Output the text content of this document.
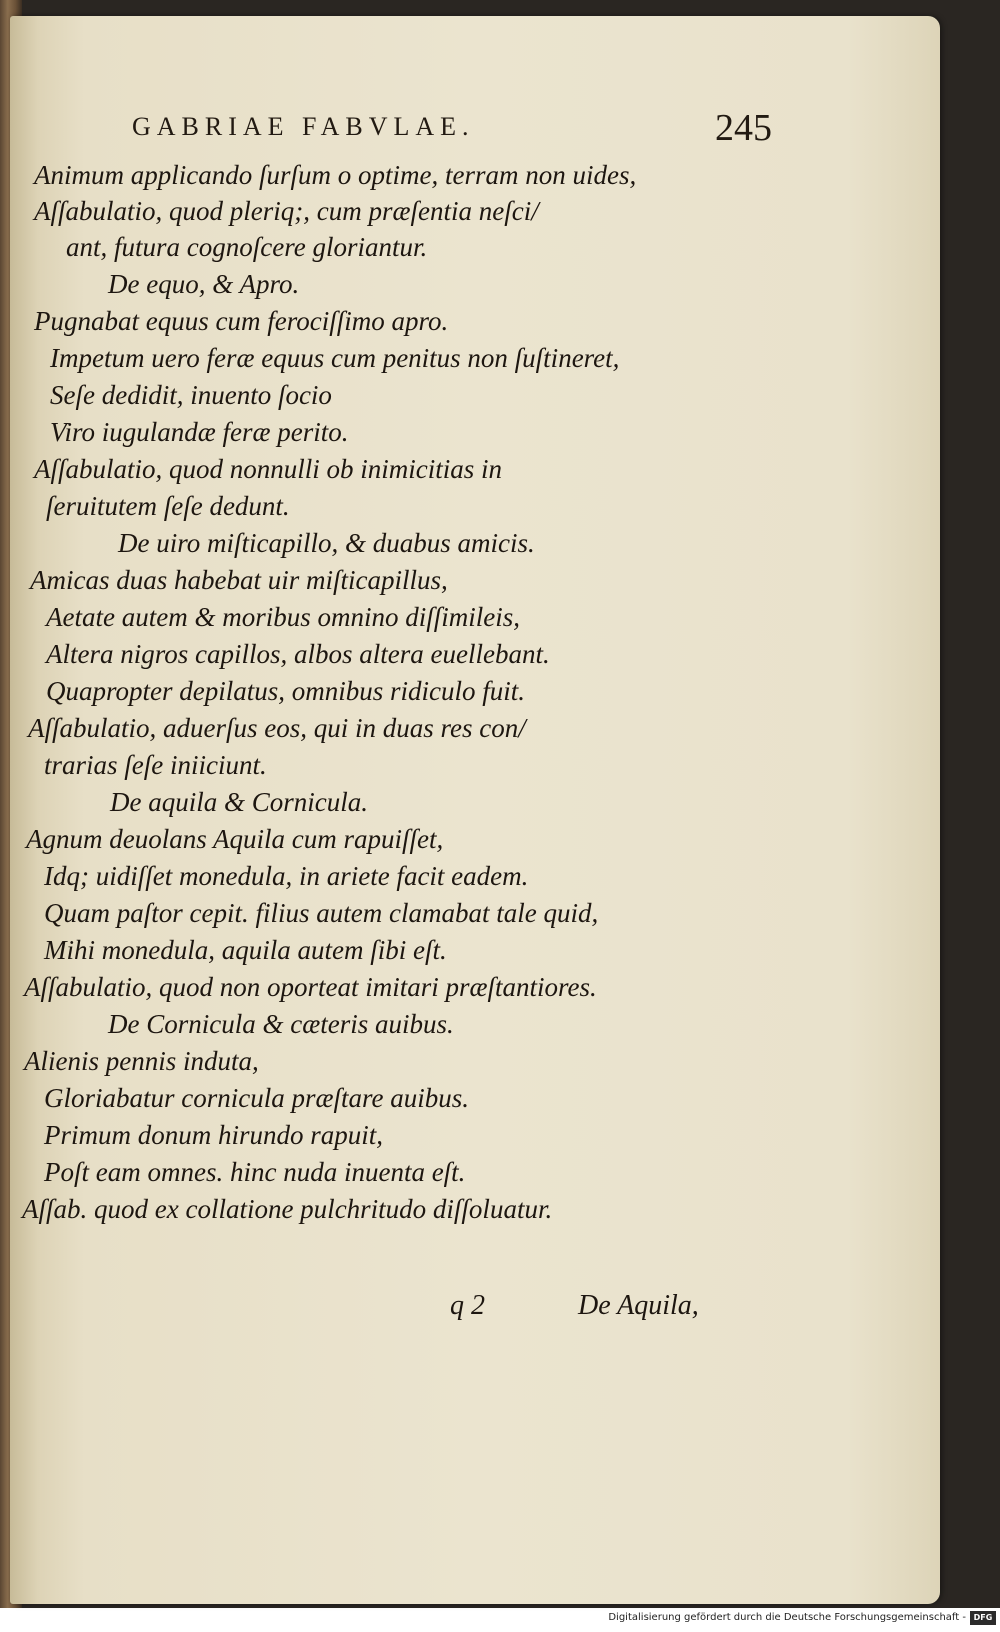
GABRIAE FABVLAE.	245
Animum applicando ſurſum o optime, terram non uides,
Aſſabulatio, quod pleriq;, cum præſentia neſci/
ant, futura cognoſcere gloriantur.
De equo, & Apro.
Pugnabat equus cum ferociſſimo apro.
Impetum uero feræ equus cum penitus non ſuſtineret,
Seſe dedidit, inuento ſocio
Viro iugulandæ feræ perito.
Aſſabulatio, quod nonnulli ob inimicitias in
ſeruitutem ſeſe dedunt.
De uiro miſticapillo, & duabus amicis.
Amicas duas habebat uir miſticapillus,
Aetate autem & moribus omnino diſſimileis,
Altera nigros capillos, albos altera euellebant.
Quapropter depilatus, omnibus ridiculo fuit.
Aſſabulatio, aduerſus eos, qui in duas res con/
trarias ſeſe iniiciunt.
De aquila & Cornicula.
Agnum deuolans Aquila cum rapuiſſet,
Idq; uidiſſet monedula, in ariete facit eadem.
Quam paſtor cepit. filius autem clamabat tale quid,
Mihi monedula, aquila autem ſibi eſt.
Aſſabulatio, quod non oporteat imitari præſtantiores.
De Cornicula & cæteris auibus.
Alienis pennis induta,
Gloriabatur cornicula præſtare auibus.
Primum donum hirundo rapuit,
Poſt eam omnes. hinc nuda inuenta eſt.
Aſſab. quod ex collatione pulchritudo diſſoluatur.
q 2	De Aquila,
Digitalisierung gefördert durch die Deutsche Forschungsgemeinschaft - DFG
